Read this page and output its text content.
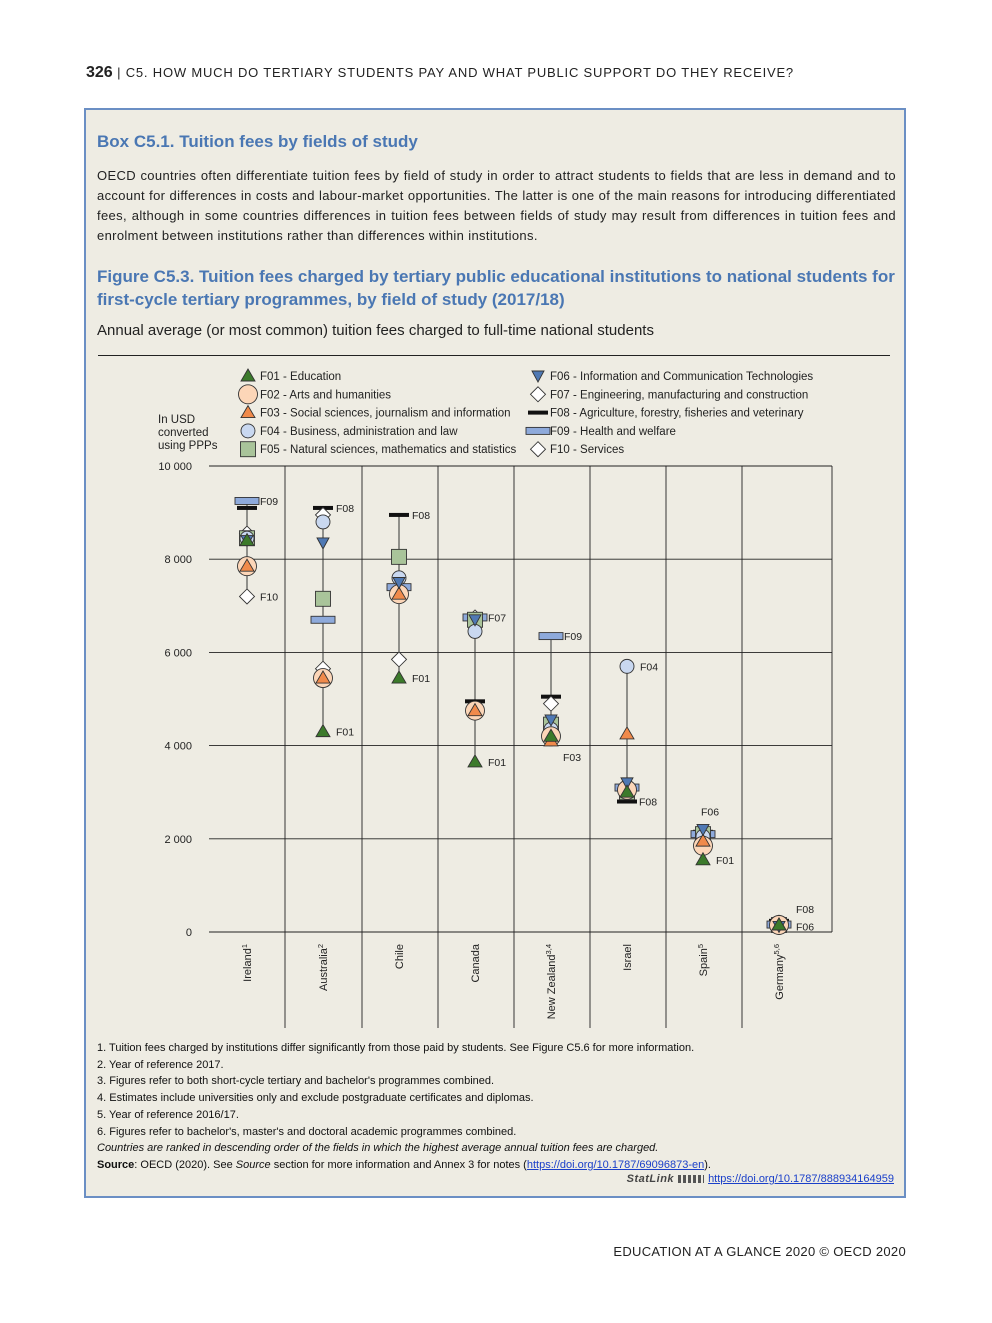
326 | C5. HOW MUCH DO TERTIARY STUDENTS PAY AND WHAT PUBLIC SUPPORT DO THEY RECEIVE?
Box C5.1. Tuition fees by fields of study
OECD countries often differentiate tuition fees by field of study in order to attract students to fields that are less in demand and to account for differences in costs and labour-market opportunities. The latter is one of the main reasons for introducing differentiated fees, although in some countries differences in tuition fees between fields of study may result from differences in tuition fees and enrolment between institutions rather than differences within institutions.
Figure C5.3. Tuition fees charged by tertiary public educational institutions to national students for first-cycle tertiary programmes, by field of study (2017/18)
Annual average (or most common) tuition fees charged to full-time national students
F01 - Education
F02 - Arts and humanities
F03 - Social sciences, journalism and information
F04 - Business, administration and law
F05 - Natural sciences, mathematics and statistics
F06 - Information and Communication Technologies
F07 - Engineering, manufacturing and construction
F08 - Agriculture, forestry, fisheries and veterinary
F09 - Health and welfare
F10 - Services
In USD
converted
using PPPs
0
2 000
4 000
6 000
8 000
10 000
F09
F10
Ireland$^1$
F08
F01
Australia$^2$
F08
F01
Chile
F07
F01
Canada
F09
F03
New Zealand$^{3,4}$
F04
F08
Israel
F06
F01
Spain$^5$
F08
F06
Germany$^{5,6}$
1. Tuition fees charged by institutions differ significantly from those paid by students. See Figure C5.6 for more information.
2. Year of reference 2017.
3. Figures refer to both short-cycle tertiary and bachelor's programmes combined.
4. Estimates include universities only and exclude postgraduate certificates and diplomas.
5. Year of reference 2016/17.
6. Figures refer to bachelor's, master's and doctoral academic programmes combined.
Countries are ranked in descending order of the fields in which the highest average annual tuition fees are charged.
Source: OECD (2020). See Source section for more information and Annex 3 for notes (https://doi.org/10.1787/69096873-en).
StatLink	https://doi.org/10.1787/888934164959
EDUCATION AT A GLANCE 2020 © OECD 2020
